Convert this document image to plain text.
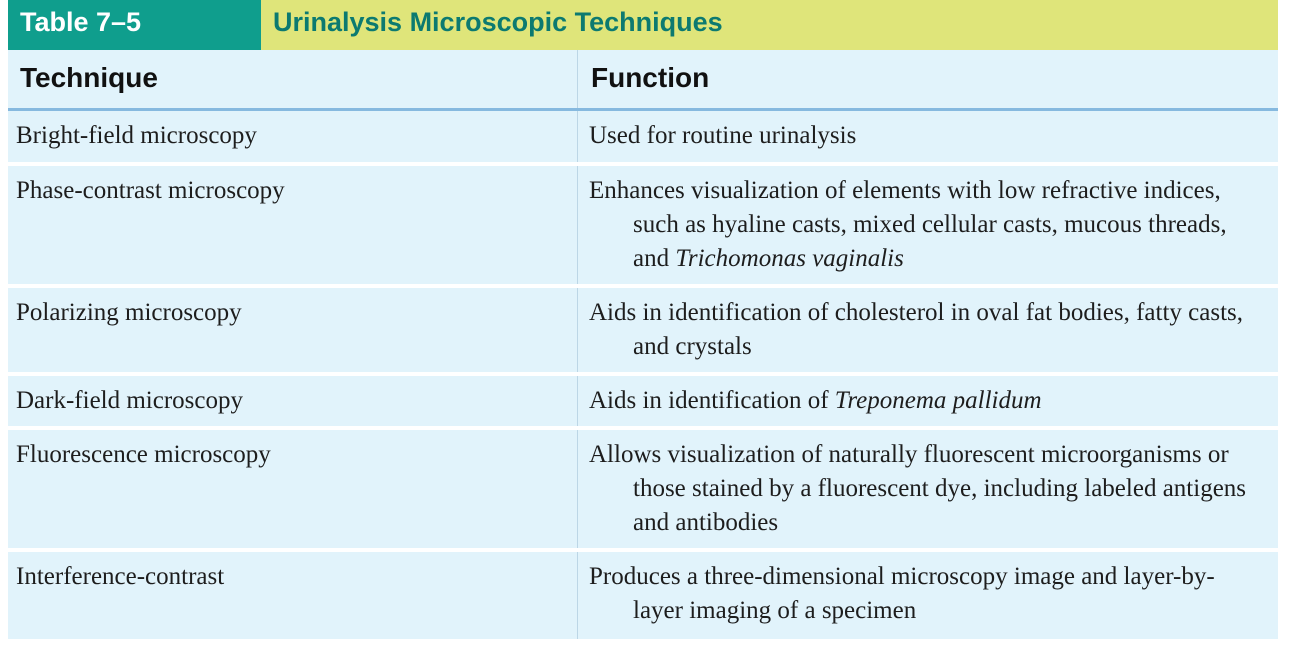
Table 7–5	Urinalysis Microscopic Techniques
Technique	Function
Bright-field microscopy	Used for routine urinalysis
Phase-contrast microscopy	Enhances visualization of elements with low refractive indices, such as hyaline casts, mixed cellular casts, mucous threads, and Trichomonas vaginalis
Polarizing microscopy	Aids in identification of cholesterol in oval fat bodies, fatty casts, and crystals
Dark-field microscopy	Aids in identification of Treponema pallidum
Fluorescence microscopy	Allows visualization of naturally fluorescent microorganisms or those stained by a fluorescent dye, including labeled antigens and antibodies
Interference-contrast	Produces a three-dimensional microscopy image and layer-by-layer imaging of a specimen
